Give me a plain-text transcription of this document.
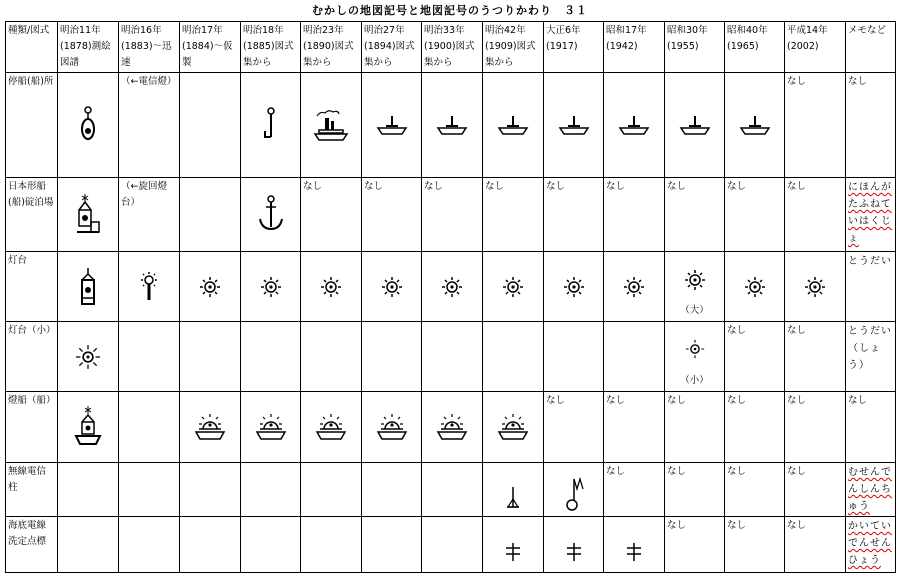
むかしの地図記号と地図記号のうつりかわり　３１
種類/図式	明治11年(1878)測絵図譜	明治16年(1883)～迅速	明治17年(1884)～仮製	明治18年(1885)図式集から	明治23年(1890)図式集から	明治27年(1894)図式集から	明治33年(1900)図式集から	明治42年(1909)図式集から	大正6年(1917)	昭和17年(1942)	昭和30年(1955)	昭和40年(1965)	平成14年(2002)	メモなど	
停船(船)所		（←電信燈）											なし	なし	
日本形船(船)碇泊場		（←旋回燈台）			なし	なし	なし	なし	なし	なし	なし	なし	なし	にほんがたふねていはくじょ	
灯台											（大）			とうだい	
灯台（小）											（小）	なし	なし	とうだい（しょう）	
燈船（船）									なし	なし	なし	なし	なし	なし	
無線電信柱										なし	なし	なし	なし	むせんでんしんちゅう	
海底電線洗定点標											なし	なし	なし	かいていでんせんひょう	
